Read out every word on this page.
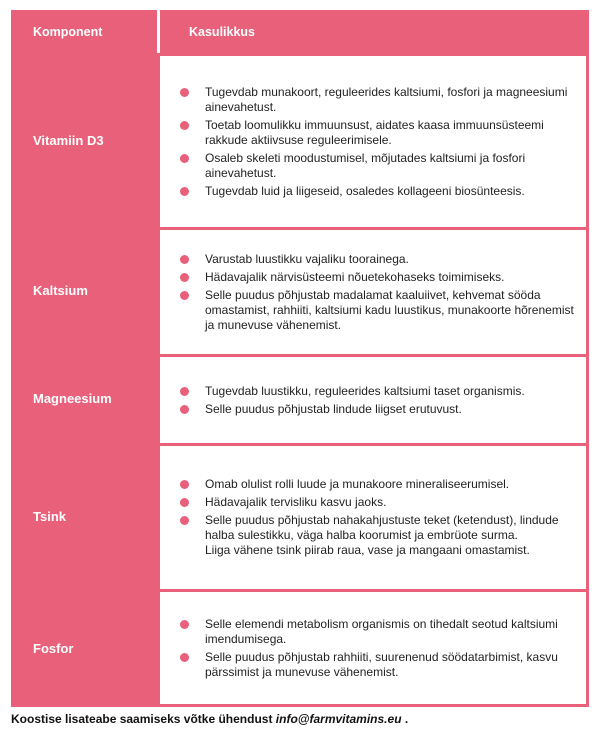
Komponent	Kasulikkus
Vitamiin D3
Tugevdab munakoort, reguleerides kaltsiumi, fosfori ja magneesiumi ainevahetust.
Toetab loomulikku immuunsust, aidates kaasa immuunsüsteemi rakkude aktiivsuse reguleerimisele.
Osaleb skeleti moodustumisel, mõjutades kaltsiumi ja fosfori ainevahetust.
Tugevdab luid ja liigeseid, osaledes kollageeni biosünteesis.
Kaltsium
Varustab luustikku vajaliku toorainega.
Hädavajalik närvisüsteemi nõuetekohaseks toimimiseks.
Selle puudus põhjustab madalamat kaaluiivet, kehvemat sööda omastamist, rahhiiti, kaltsiumi kadu luustikus, munakoorte hõrenemist ja munevuse vähenemist.
Magneesium
Tugevdab luustikku, reguleerides kaltsiumi taset organismis.
Selle puudus põhjustab lindude liigset erutuvust.
Tsink
Omab olulist rolli luude ja munakoore mineraliseerumisel.
Hädavajalik tervisliku kasvu jaoks.
Selle puudus põhjustab nahakahjustuste teket (ketendust), lindude halba sulestikku, väga halba koorumist ja embrüote surma.
Liiga vähene tsink piirab raua, vase ja mangaani omastamist.
Fosfor
Selle elemendi metabolism organismis on tihedalt seotud kaltsiumi imendumisega.
Selle puudus põhjustab rahhiiti, suurenenud söödatarbimist, kasvu pärssimist ja munevuse vähenemist.
Koostise lisateabe saamiseks võtke ühendust info@farmvitamins.eu .
